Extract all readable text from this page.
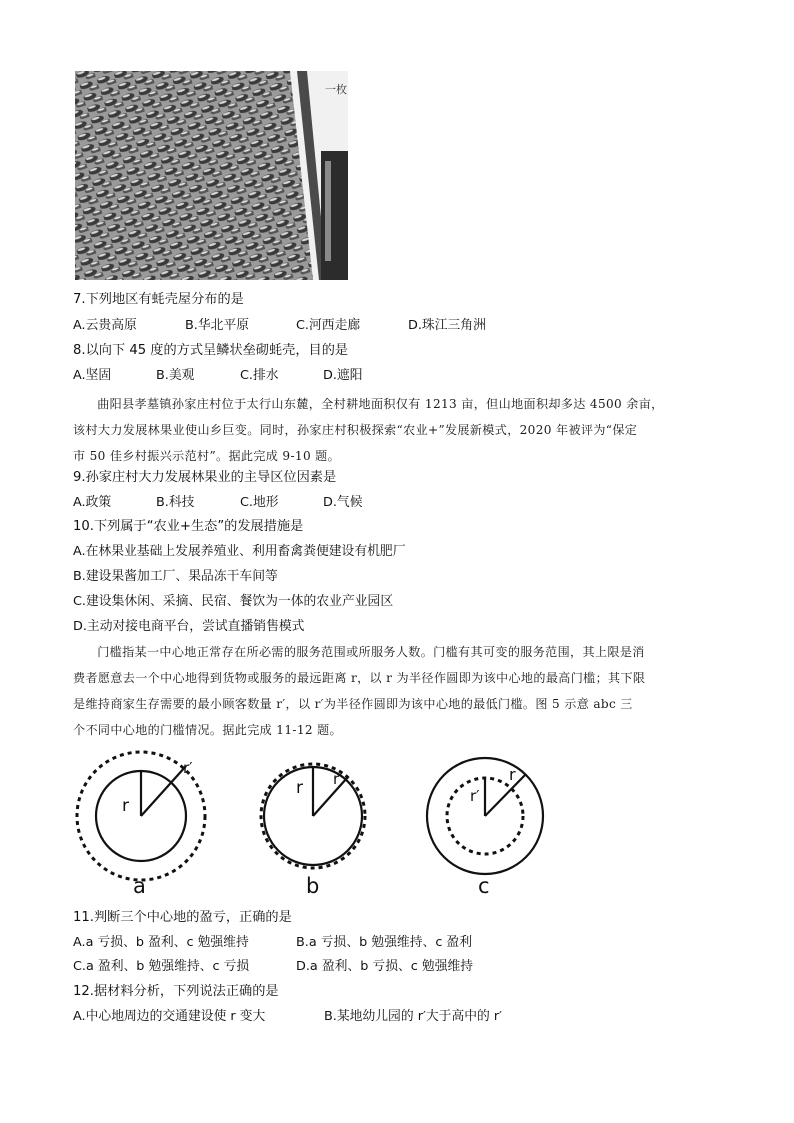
一枚
7.下列地区有蚝壳屋分布的是
A.云贵高原	B.华北平原	C.河西走廊	D.珠江三角洲
8.以向下 45 度的方式呈鳞状垒砌蚝壳，目的是
A.坚固	B.美观	C.排水	D.遮阳
曲阳县孝墓镇孙家庄村位于太行山东麓，全村耕地面积仅有 1213 亩，但山地面积却多达 4500 余亩，
该村大力发展林果业使山乡巨变。同时，孙家庄村积极探索“农业+”发展新模式，2020 年被评为“保定
市 50 佳乡村振兴示范村”。据此完成 9-10 题。
9.孙家庄村大力发展林果业的主导区位因素是
A.政策	B.科技	C.地形	D.气候
10.下列属于“农业+生态”的发展措施是
A.在林果业基础上发展养殖业、利用畜禽粪便建设有机肥厂
B.建设果酱加工厂、果品冻干车间等
C.建设集休闲、采摘、民宿、餐饮为一体的农业产业园区
D.主动对接电商平台，尝试直播销售模式
门槛指某一中心地正常存在所必需的服务范围或所服务人数。门槛有其可变的服务范围，其上限是消
费者愿意去一个中心地得到货物或服务的最远距离 r，以 r 为半径作圆即为该中心地的最高门槛；其下限
是维持商家生存需要的最小顾客数量 r′，以 r′为半径作圆即为该中心地的最低门槛。图 5 示意 abc 三
个不同中心地的门槛情况。据此完成 11-12 题。
r
r′
r r′
r′
r
a	b	c
11.判断三个中心地的盈亏，正确的是
A.a 亏损、b 盈利、c 勉强维持	B.a 亏损、b 勉强维持、c 盈利
C.a 盈利、b 勉强维持、c 亏损	D.a 盈利、b 亏损、c 勉强维持
12.据材料分析，下列说法正确的是
A.中心地周边的交通建设使 r 变大	B.某地幼儿园的 r′大于高中的 r′
